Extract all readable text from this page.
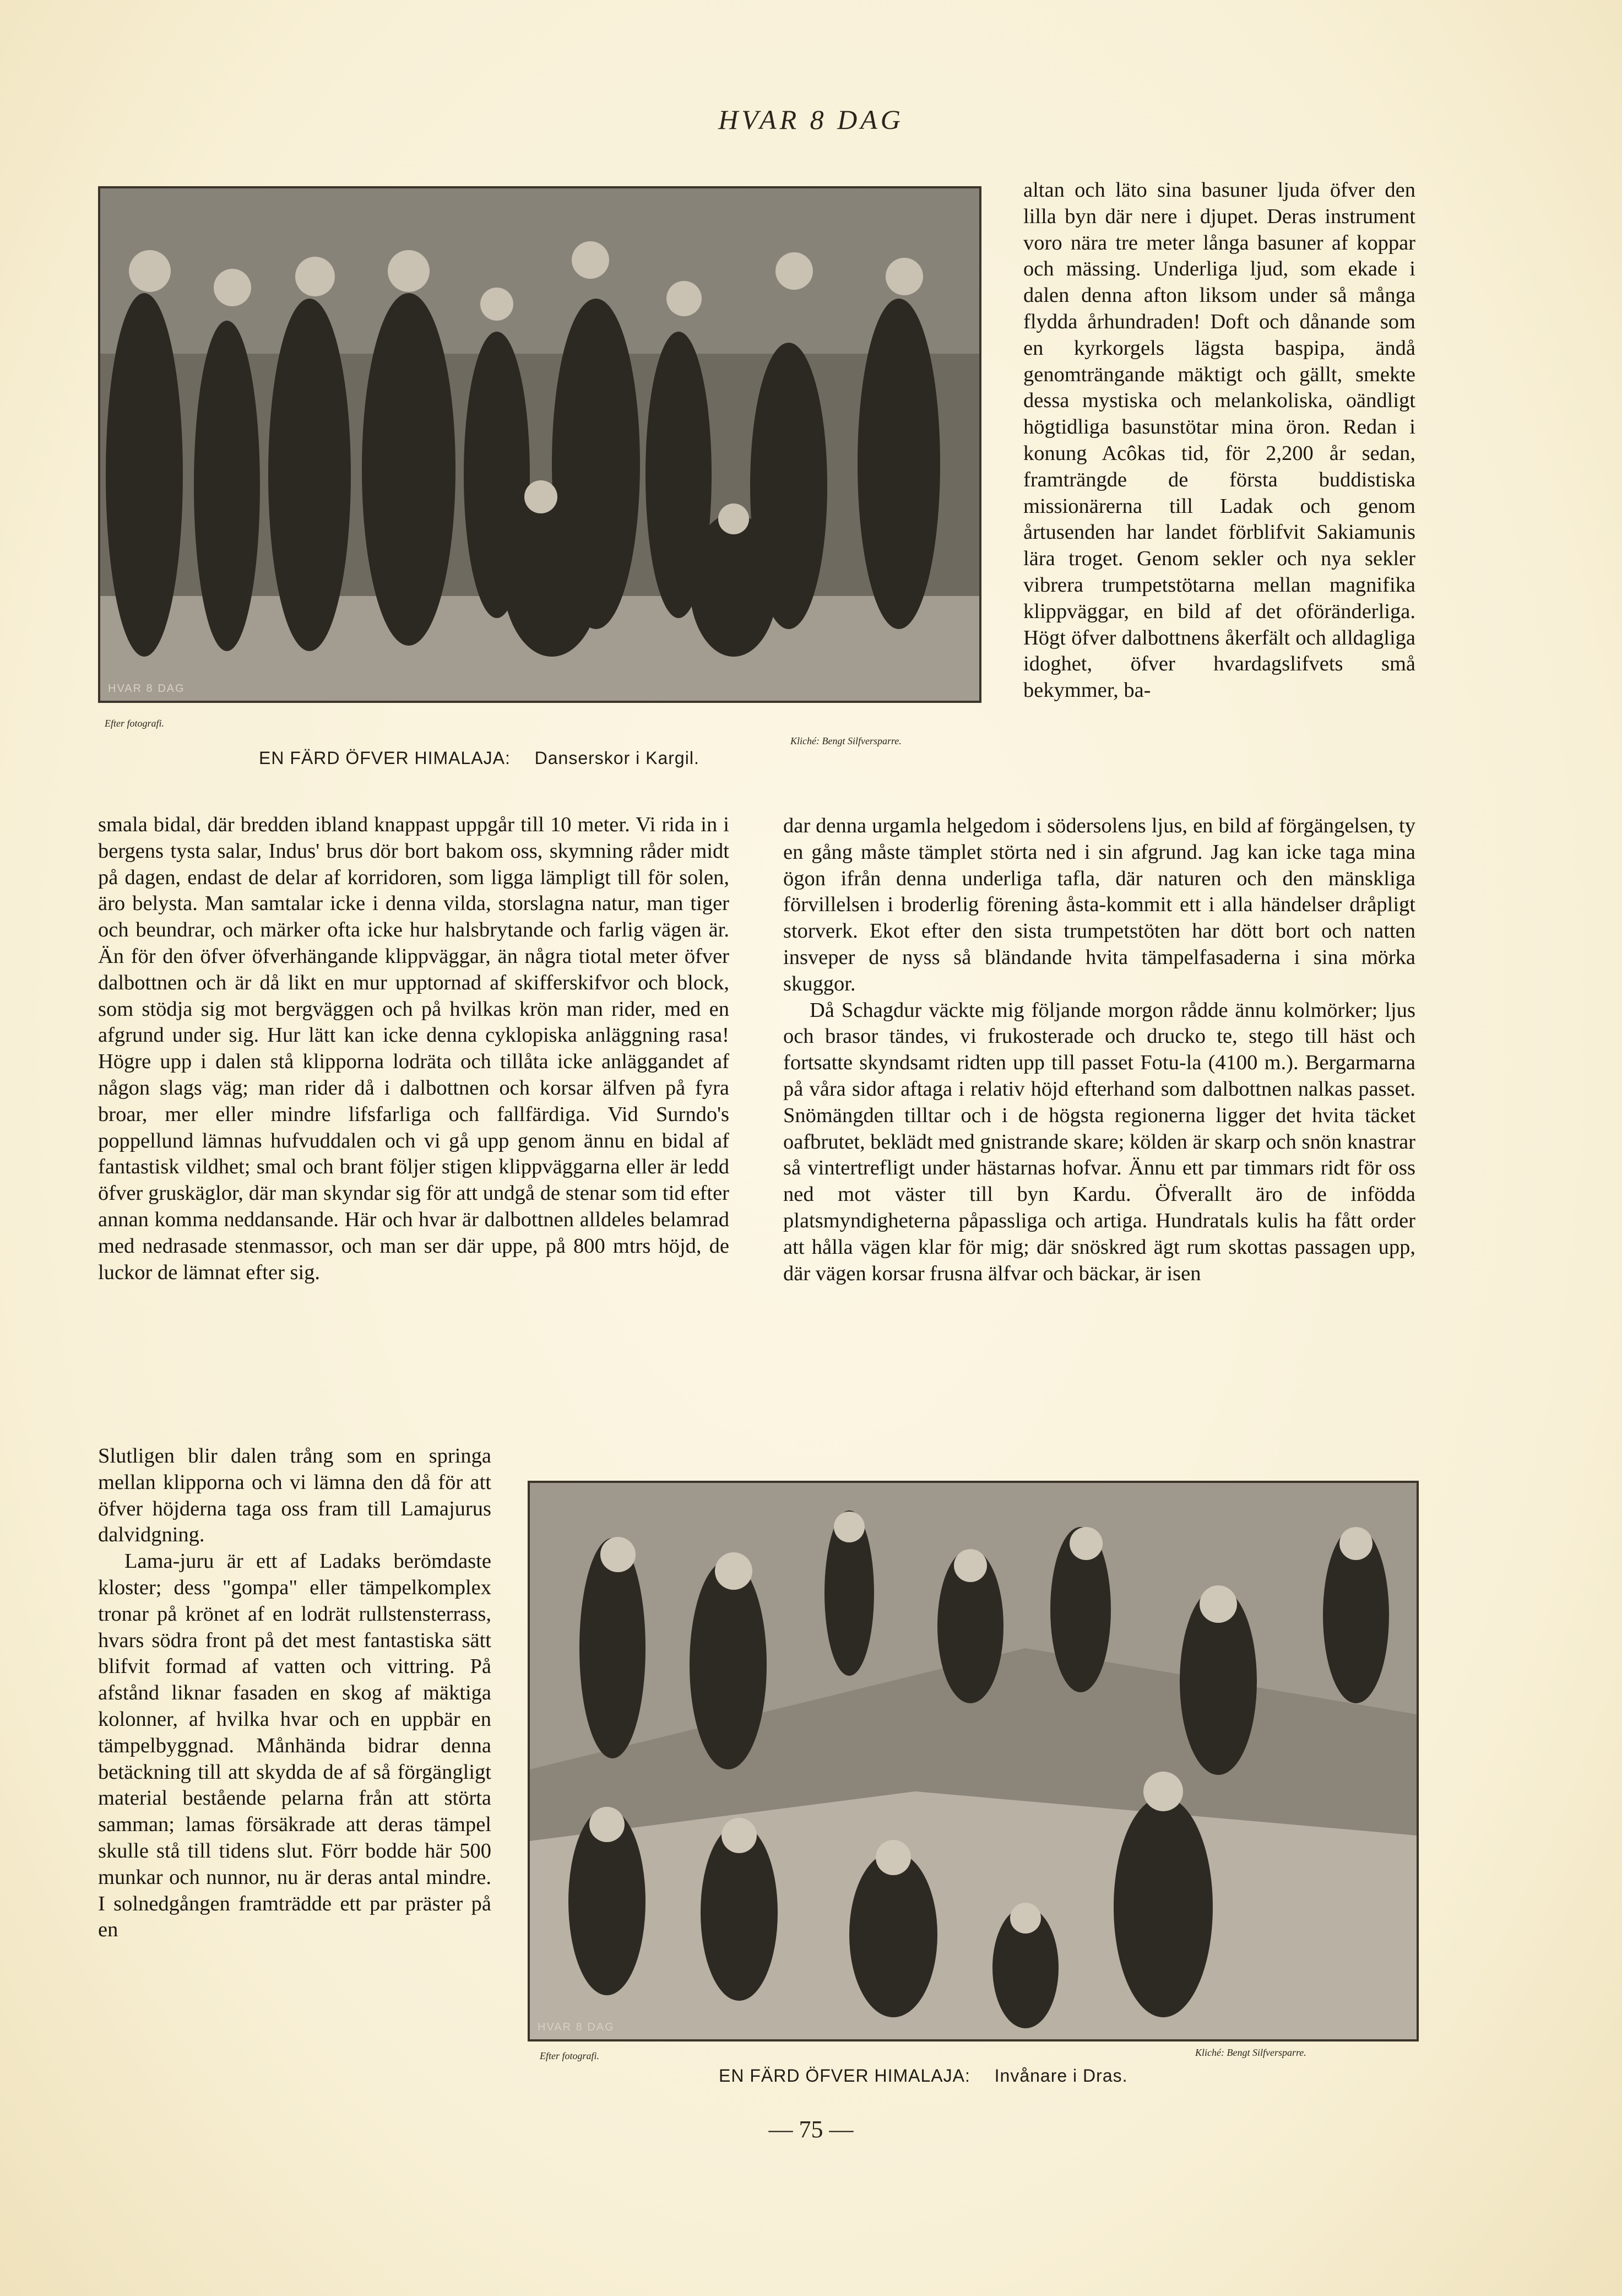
HVAR 8 DAG
HVAR 8 DAG
Efter fotografi.
Kliché: Bengt Silfversparre.
EN FÄRD ÖFVER HIMALAJA: Danserskor i Kargil.

altan och läto sina basuner ljuda öfver den lilla byn där nere i djupet. Deras instrument voro nära tre meter långa basuner af koppar och mässing. Underliga ljud, som ekade i dalen denna afton liksom under så många flydda århundraden! Doft och dånande som en kyrkorgels lägsta baspipa, ändå genomträngande mäktigt och gällt, smekte dessa mystiska och melankoliska, oändligt högtidliga basunstötar mina öron. Redan i konung Acôkas tid, för 2,200 år sedan, framträngde de första buddistiska missionärerna till Ladak och genom årtusenden har landet förblifvit Sakiamunis lära troget. Genom sekler och nya sekler vibrera trumpetstötarna mellan magnifika klippväggar, en bild af det oföränderliga. Högt öfver dalbottnens åkerfält och alldagliga idoghet, öfver hvardagslifvets små bekymmer, ba-

dar denna urgamla helgedom i södersolens ljus, en bild af förgängelsen, ty en gång måste tämplet störta ned i sin afgrund. Jag kan icke taga mina ögon ifrån denna underliga tafla, där naturen och den mänskliga förvillelsen i broderlig förening åsta-kommit ett i alla händelser dråpligt storverk. Ekot efter den sista trumpetstöten har dött bort och natten insveper de nyss så bländande hvita tämpelfasaderna i sina mörka skuggor.

Då Schagdur väckte mig följande morgon rådde ännu kolmörker; ljus och brasor tändes, vi frukosterade och drucko te, stego till häst och fortsatte skyndsamt ridten upp till passet Fotu-la (4100 m.). Bergarmarna på våra sidor aftaga i relativ höjd efterhand som dalbottnen nalkas passet. Snömängden tilltar och i de högsta regionerna ligger det hvita täcket oafbrutet, beklädt med gnistrande skare; kölden är skarp och snön knastrar så vintertrefligt under hästarnas hofvar. Ännu ett par timmars ridt för oss ned mot väster till byn Kardu. Öfverallt äro de infödda platsmyndigheterna påpassliga och artiga. Hundratals kulis ha fått order att hålla vägen klar för mig; där snöskred ägt rum skottas passagen upp, där vägen korsar frusna älfvar och bäckar, är isen

smala bidal, där bredden ibland knappast uppgår till 10 meter. Vi rida in i bergens tysta salar, Indus' brus dör bort bakom oss, skymning råder midt på dagen, endast de delar af korridoren, som ligga lämpligt till för solen, äro belysta. Man samtalar icke i denna vilda, storslagna natur, man tiger och beundrar, och märker ofta icke hur halsbrytande och farlig vägen är. Än för den öfver öfverhängande klippväggar, än några tiotal meter öfver dalbottnen och är då likt en mur upptornad af skifferskifvor och block, som stödja sig mot bergväggen och på hvilkas krön man rider, med en afgrund under sig. Hur lätt kan icke denna cyklopiska anläggning rasa! Högre upp i dalen stå klipporna lodräta och tillåta icke anläggandet af någon slags väg; man rider då i dalbottnen och korsar älfven på fyra broar, mer eller mindre lifsfarliga och fallfärdiga. Vid Surndo's poppellund lämnas hufvuddalen och vi gå upp genom ännu en bidal af fantastisk vildhet; smal och brant följer stigen klippväggarna eller är ledd öfver gruskäglor, där man skyndar sig för att undgå de stenar som tid efter annan komma neddansande. Här och hvar är dalbottnen alldeles belamrad med nedrasade stenmassor, och man ser där uppe, på 800 mtrs höjd, de luckor de lämnat efter sig.

Slutligen blir dalen trång som en springa mellan klipporna och vi lämna den då för att öfver höjderna taga oss fram till Lamajurus dalvidgning.

Lama-juru är ett af Ladaks berömdaste kloster; dess "gompa" eller tämpelkomplex tronar på krönet af en lodrät rullstensterrass, hvars södra front på det mest fantastiska sätt blifvit formad af vatten och vittring. På afstånd liknar fasaden en skog af mäktiga kolonner, af hvilka hvar och en uppbär en tämpelbyggnad. Månhända bidrar denna betäckning till att skydda de af så förgängligt material bestående pelarna från att störta samman; lamas försäkrade att deras tämpel skulle stå till tidens slut. Förr bodde här 500 munkar och nunnor, nu är deras antal mindre. I solnedgången framträdde ett par präster på en

HVAR 8 DAG
Efter fotografi.	Kliché: Bengt Silfversparre.
EN FÄRD ÖFVER HIMALAJA: Invånare i Dras.
— 75 —
